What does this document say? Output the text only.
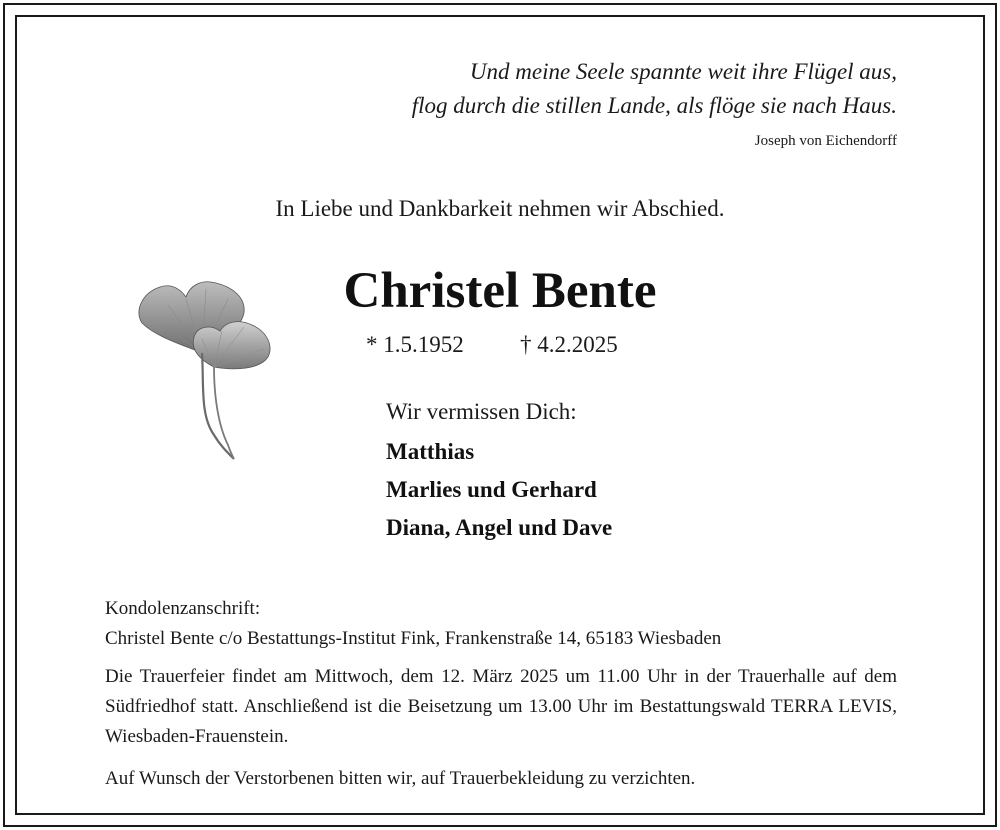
Und meine Seele spannte weit ihre Flügel aus,
flog durch die stillen Lande, als flöge sie nach Haus.
Joseph von Eichendorff
In Liebe und Dankbarkeit nehmen wir Abschied.
Christel Bente
* 1.5.1952 † 4.2.2025
Wir vermissen Dich:
Matthias
Marlies und Gerhard
Diana, Angel und Dave
Kondolenzanschrift:
Christel Bente c/o Bestattungs-Institut Fink, Frankenstraße 14, 65183 Wiesbaden
Die Trauerfeier findet am Mittwoch, dem 12. März 2025 um 11.00 Uhr in der Trauerhalle auf dem Südfriedhof statt. Anschließend ist die Beisetzung um 13.00 Uhr im Bestattungswald TERRA LEVIS, Wiesbaden-Frauenstein.
Auf Wunsch der Verstorbenen bitten wir, auf Trauerbekleidung zu verzichten.
